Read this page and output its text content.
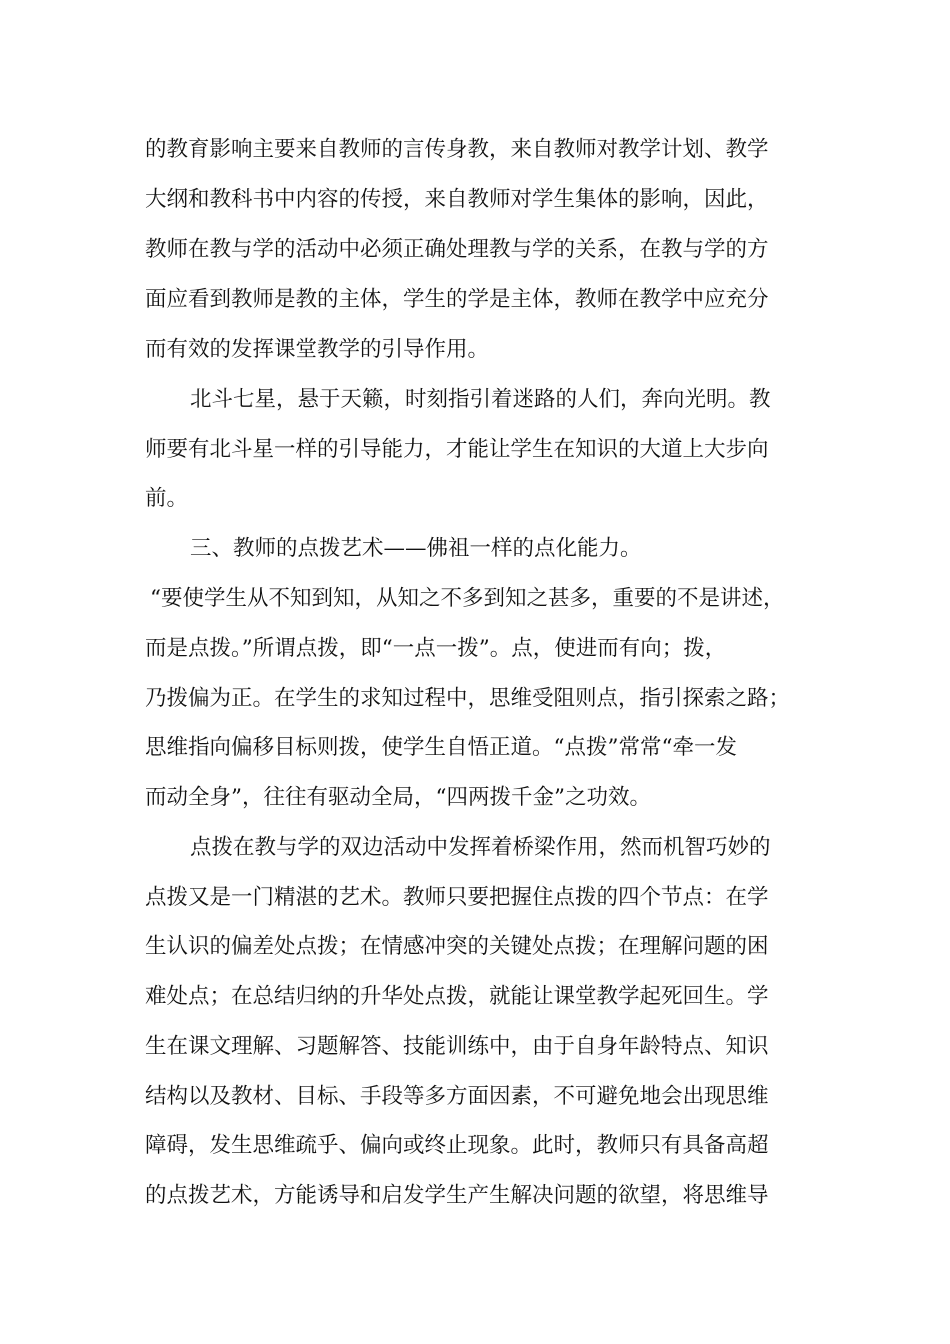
的教育影响主要来自教师的言传身教，来自教师对教学计划、教学
大纲和教科书中内容的传授，来自教师对学生集体的影响，因此，
教师在教与学的活动中必须正确处理教与学的关系，在教与学的方
面应看到教师是教的主体，学生的学是主体，教师在教学中应充分
而有效的发挥课堂教学的引导作用。
北斗七星，悬于天籁，时刻指引着迷路的人们，奔向光明。教
师要有北斗星一样的引导能力，才能让学生在知识的大道上大步向
前。
三、教师的点拨艺术——佛祖一样的点化能力。
“要使学生从不知到知，从知之不多到知之甚多，重要的不是讲述，
而是点拨。”所谓点拨，即“一点一拨”。点，使进而有向；拨，
乃拨偏为正。在学生的求知过程中，思维受阻则点，指引探索之路；
思维指向偏移目标则拨，使学生自悟正道。“点拨”常常“牵一发
而动全身”，往往有驱动全局，“四两拨千金”之功效。
点拨在教与学的双边活动中发挥着桥梁作用，然而机智巧妙的
点拨又是一门精湛的艺术。教师只要把握住点拨的四个节点：在学
生认识的偏差处点拨；在情感冲突的关键处点拨；在理解问题的困
难处点；在总结归纳的升华处点拨，就能让课堂教学起死回生。学
生在课文理解、习题解答、技能训练中，由于自身年龄特点、知识
结构以及教材、目标、手段等多方面因素，不可避免地会出现思维
障碍，发生思维疏乎、偏向或终止现象。此时，教师只有具备高超
的点拨艺术，方能诱导和启发学生产生解决问题的欲望，将思维导
